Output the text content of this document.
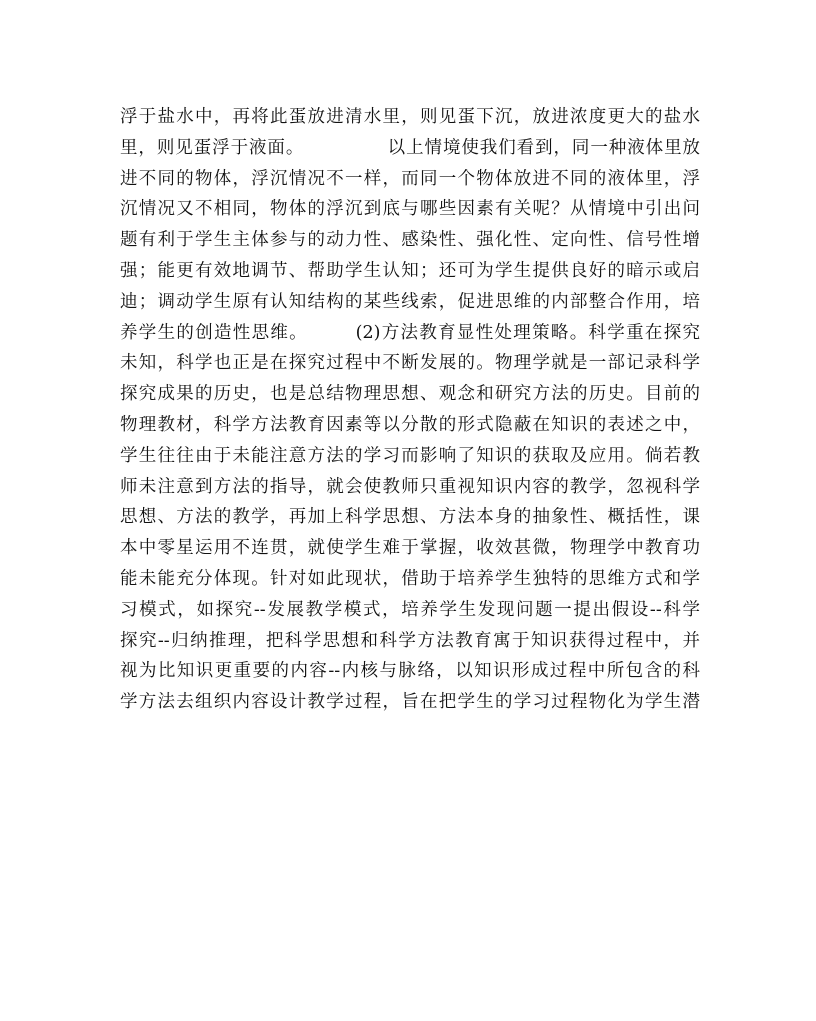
浮于盐水中，再将此蛋放进清水里，则见蛋下沉，放进浓度更大的盐水
里，则见蛋浮于液面。　　　　　以上情境使我们看到，同一种液体里放
进不同的物体，浮沉情况不一样，而同一个物体放进不同的液体里，浮
沉情况又不相同，物体的浮沉到底与哪些因素有关呢？从情境中引出问
题有利于学生主体参与的动力性、感染性、强化性、定向性、信号性增
强；能更有效地调节、帮助学生认知；还可为学生提供良好的暗示或启
迪；调动学生原有认知结构的某些线索，促进思维的内部整合作用，培
养学生的创造性思维。　　　(2)方法教育显性处理策略。科学重在探究
未知，科学也正是在探究过程中不断发展的。物理学就是一部记录科学
探究成果的历史，也是总结物理思想、观念和研究方法的历史。目前的
物理教材，科学方法教育因素等以分散的形式隐蔽在知识的表述之中，
学生往往由于未能注意方法的学习而影响了知识的获取及应用。倘若教
师未注意到方法的指导，就会使教师只重视知识内容的教学，忽视科学
思想、方法的教学，再加上科学思想、方法本身的抽象性、概括性，课
本中零星运用不连贯，就使学生难于掌握，收效甚微，物理学中教育功
能未能充分体现。针对如此现状，借助于培养学生独特的思维方式和学
习模式，如探究--发展教学模式，培养学生发现问题一提出假设--科学
探究--归纳推理，把科学思想和科学方法教育寓于知识获得过程中，并
视为比知识更重要的内容--内核与脉络，以知识形成过程中所包含的科
学方法去组织内容设计教学过程，旨在把学生的学习过程物化为学生潜
